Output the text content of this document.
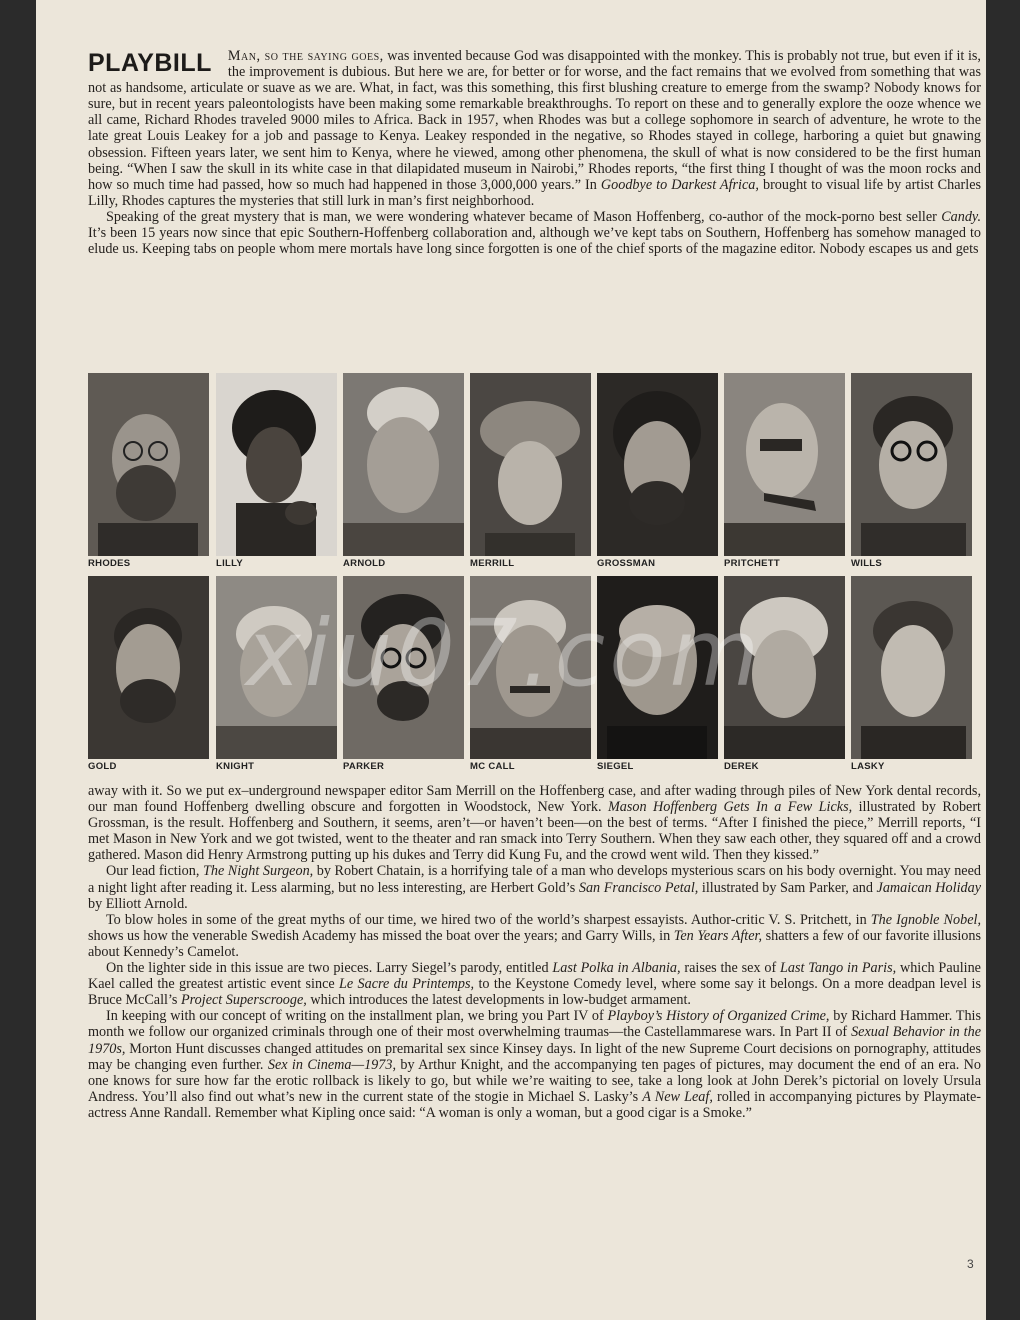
PLAYBILL	Man, so the saying goes, was invented because God was disappointed with the monkey. This is probably not true, but even if it is, the improvement is dubious. But here we are, for better or for worse, and the fact remains that we evolved from something that was not as handsome, articulate or suave as we are. What, in fact, was this something, this first blushing creature to emerge from the swamp? Nobody knows for sure, but in recent years paleontologists have been making some remarkable breakthroughs. To report on these and to generally explore the ooze whence we all came, Richard Rhodes traveled 9000 miles to Africa. Back in 1957, when Rhodes was but a college sophomore in search of adventure, he wrote to the late great Louis Leakey for a job and passage to Kenya. Leakey responded in the negative, so Rhodes stayed in college, harboring a quiet but gnawing obsession. Fifteen years later, we sent him to Kenya, where he viewed, among other phenomena, the skull of what is now considered to be the first human being. “When I saw the skull in its white case in that dilapidated museum in Nairobi,” Rhodes reports, “the first thing I thought of was the moon rocks and how so much time had passed, how so much had happened in those 3,000,000 years.” In Goodbye to Darkest Africa, brought to visual life by artist Charles Lilly, Rhodes captures the mysteries that still lurk in man’s first neighborhood.

Speaking of the great mystery that is man, we were wondering whatever became of Mason Hoffenberg, co-author of the mock-porno best seller Candy. It’s been 15 years now since that epic Southern-Hoffenberg collaboration and, although we’ve kept tabs on Southern, Hoffenberg has somehow managed to elude us. Keeping tabs on people whom mere mortals have long since forgotten is one of the chief sports of the magazine editor. Nobody escapes us and gets

RHODES	LILLY	ARNOLD	MERRILL	GROSSMAN	PRITCHETT	WILLS
GOLD	KNIGHT	PARKER	MC CALL	SIEGEL	DEREK	LASKY
xiu07.com

away with it. So we put ex–underground newspaper editor Sam Merrill on the Hoffenberg case, and after wading through piles of New York dental records, our man found Hoffenberg dwelling obscure and forgotten in Woodstock, New York. Mason Hoffenberg Gets In a Few Licks, illustrated by Robert Grossman, is the result. Hoffenberg and Southern, it seems, aren’t—or haven’t been—on the best of terms. “After I finished the piece,” Merrill reports, “I met Mason in New York and we got twisted, went to the theater and ran smack into Terry Southern. When they saw each other, they squared off and a crowd gathered. Mason did Henry Armstrong putting up his dukes and Terry did Kung Fu, and the crowd went wild. Then they kissed.”

Our lead fiction, The Night Surgeon, by Robert Chatain, is a horrifying tale of a man who develops mysterious scars on his body overnight. You may need a night light after reading it. Less alarming, but no less interesting, are Herbert Gold’s San Francisco Petal, illustrated by Sam Parker, and Jamaican Holiday by Elliott Arnold.

To blow holes in some of the great myths of our time, we hired two of the world’s sharpest essayists. Author-critic V. S. Pritchett, in The Ignoble Nobel, shows us how the venerable Swedish Academy has missed the boat over the years; and Garry Wills, in Ten Years After, shatters a few of our favorite illusions about Kennedy’s Camelot.

On the lighter side in this issue are two pieces. Larry Siegel’s parody, entitled Last Polka in Albania, raises the sex of Last Tango in Paris, which Pauline Kael called the greatest artistic event since Le Sacre du Printemps, to the Keystone Comedy level, where some say it belongs. On a more deadpan level is Bruce McCall’s Project Superscrooge, which introduces the latest developments in low-budget armament.

In keeping with our concept of writing on the installment plan, we bring you Part IV of Playboy’s History of Organized Crime, by Richard Hammer. This month we follow our organized criminals through one of their most overwhelming traumas—the Castellammarese wars. In Part II of Sexual Behavior in the 1970s, Morton Hunt discusses changed attitudes on premarital sex since Kinsey days. In light of the new Supreme Court decisions on pornography, attitudes may be changing even further. Sex in Cinema—1973, by Arthur Knight, and the accompanying ten pages of pictures, may document the end of an era. No one knows for sure how far the erotic rollback is likely to go, but while we’re waiting to see, take a long look at John Derek’s pictorial on lovely Ursula Andress. You’ll also find out what’s new in the current state of the stogie in Michael S. Lasky’s A New Leaf, rolled in accompanying pictures by Playmate-actress Anne Randall. Remember what Kipling once said: “A woman is only a woman, but a good cigar is a Smoke.”

3
